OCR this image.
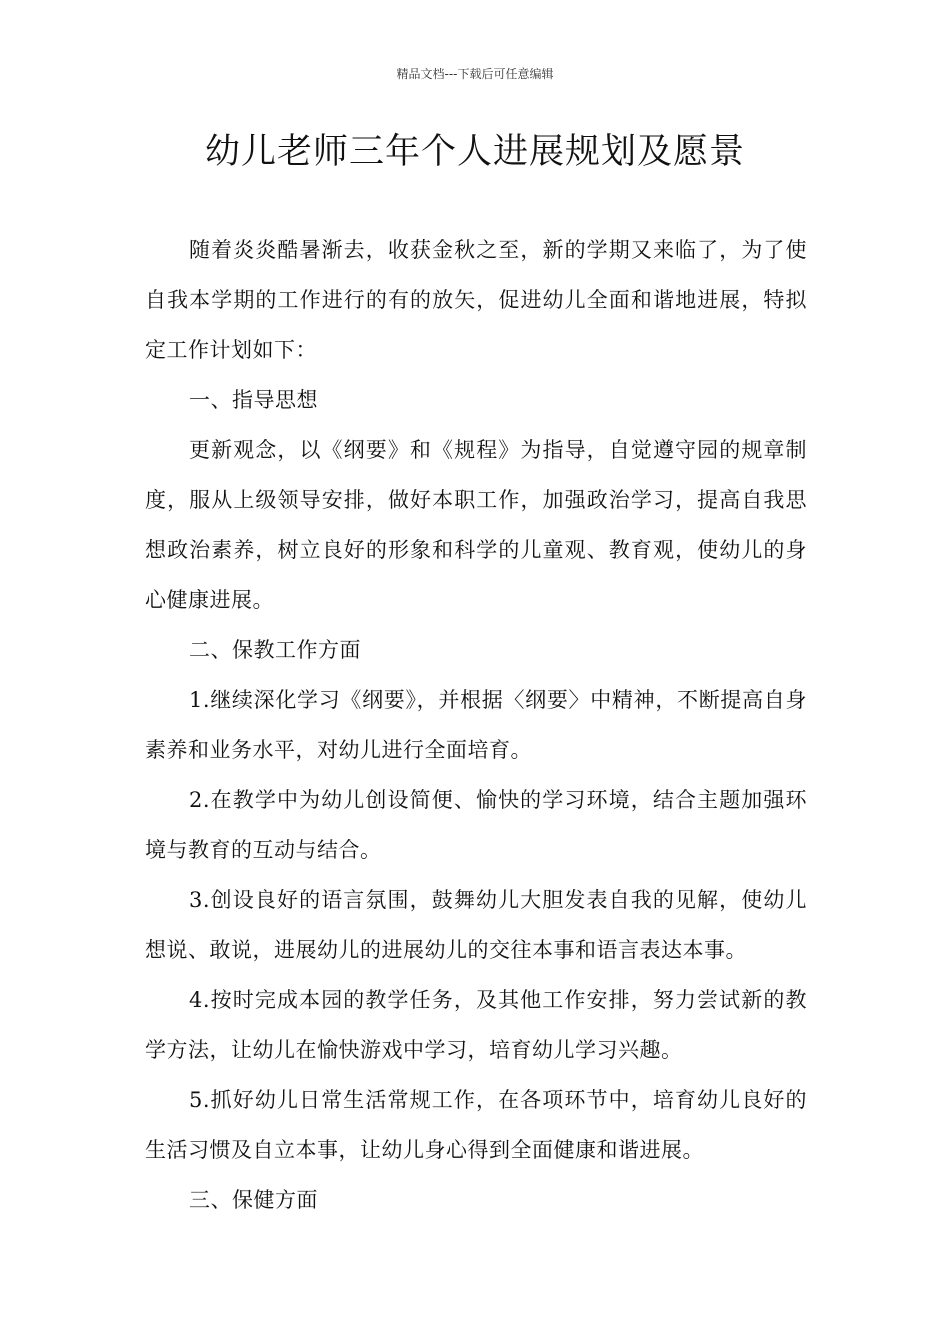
精品文档---下载后可任意编辑
幼儿老师三年个人进展规划及愿景

随着炎炎酷暑渐去，收获金秋之至，新的学期又来临了，为了使自我本学期的工作进行的有的放矢，促进幼儿全面和谐地进展，特拟定工作计划如下：

一、指导思想

更新观念，以《纲要》和《规程》为指导，自觉遵守园的规章制度，服从上级领导安排，做好本职工作，加强政治学习，提高自我思想政治素养，树立良好的形象和科学的儿童观、教育观，使幼儿的身心健康进展。

二、保教工作方面

1.继续深化学习《纲要》，并根据〈纲要〉中精神，不断提高自身素养和业务水平，对幼儿进行全面培育。

2.在教学中为幼儿创设简便、愉快的学习环境，结合主题加强环境与教育的互动与结合。

3.创设良好的语言氛围，鼓舞幼儿大胆发表自我的见解，使幼儿想说、敢说，进展幼儿的进展幼儿的交往本事和语言表达本事。

4.按时完成本园的教学任务，及其他工作安排，努力尝试新的教学方法，让幼儿在愉快游戏中学习，培育幼儿学习兴趣。

5.抓好幼儿日常生活常规工作，在各项环节中，培育幼儿良好的生活习惯及自立本事，让幼儿身心得到全面健康和谐进展。

三、保健方面
